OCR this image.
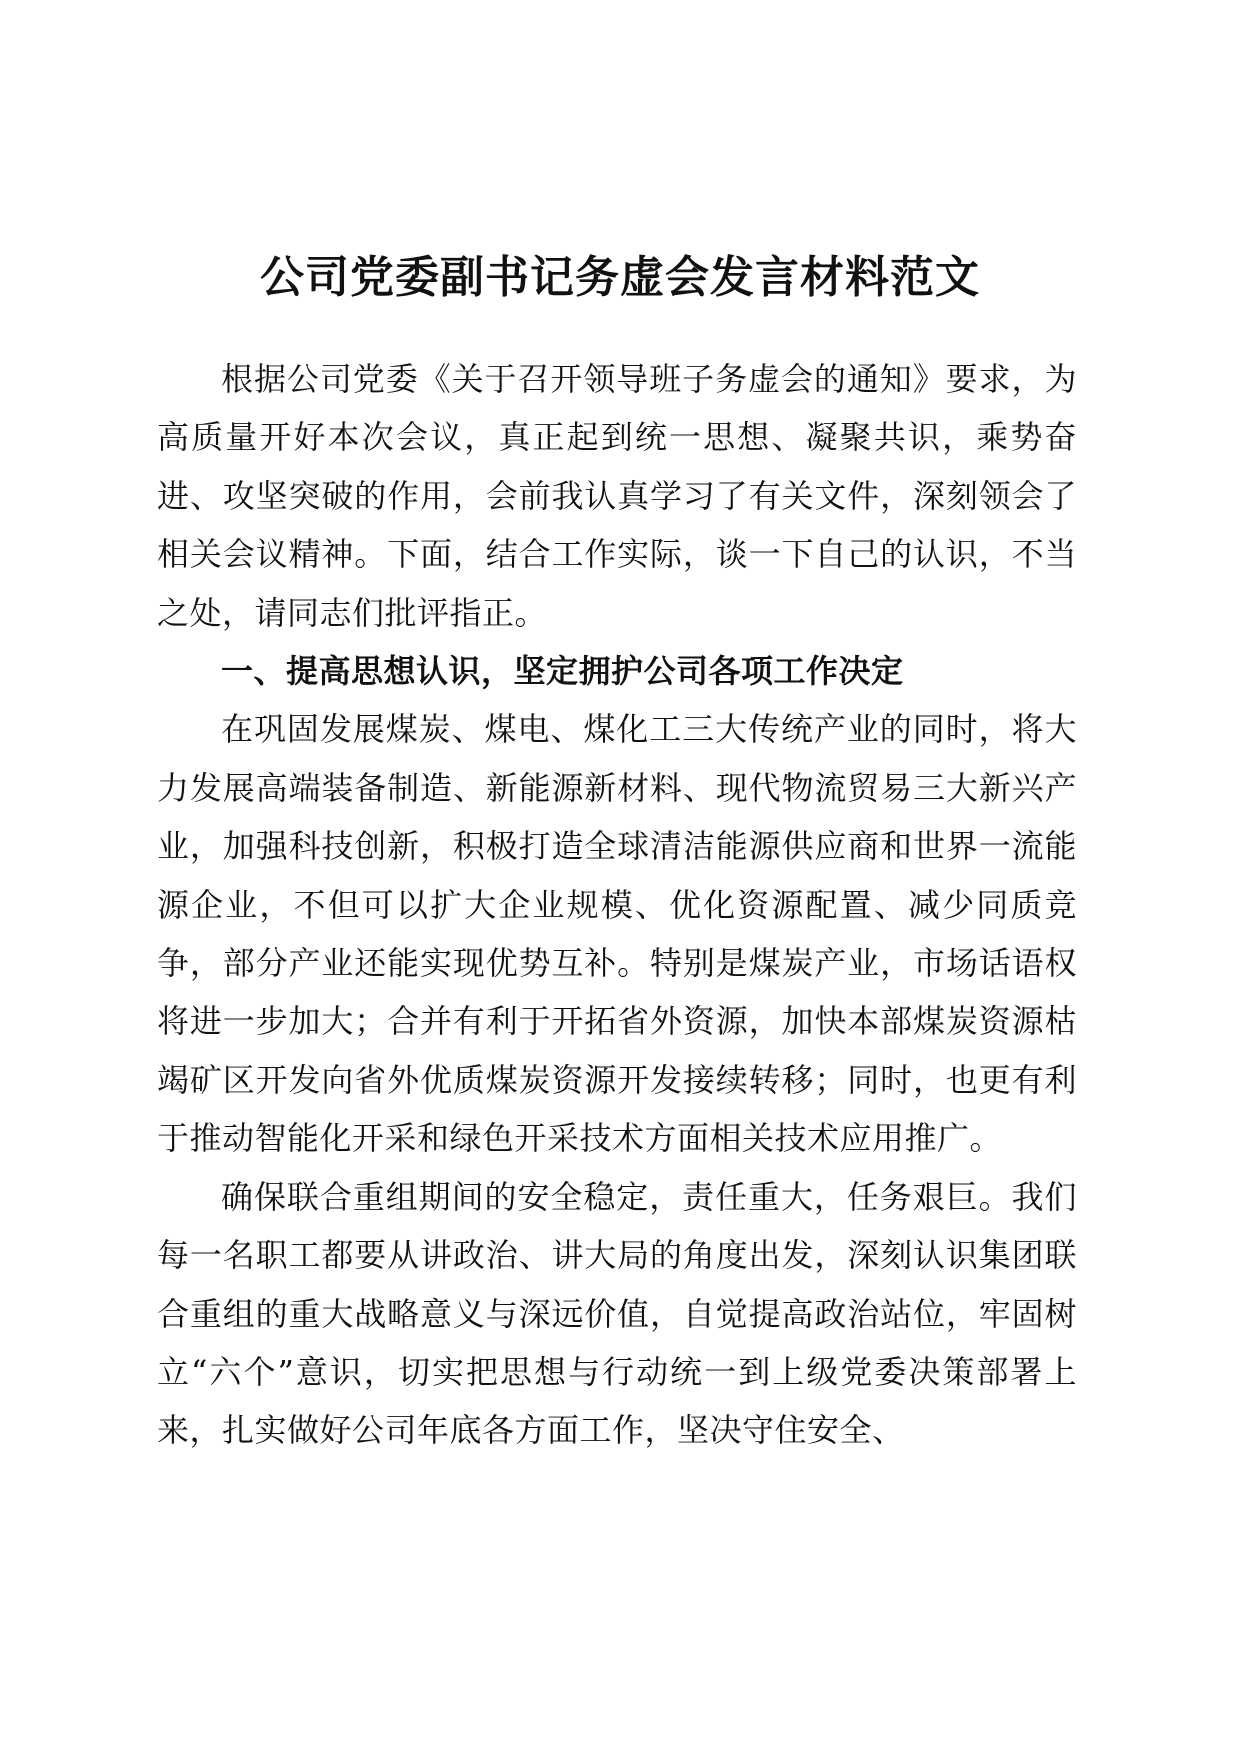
公司党委副书记务虚会发言材料范文

根据公司党委《关于召开领导班子务虚会的通知》要求，为高质量开好本次会议，真正起到统一思想、凝聚共识，乘势奋进、攻坚突破的作用，会前我认真学习了有关文件，深刻领会了相关会议精神。下面，结合工作实际，谈一下自己的认识，不当之处，请同志们批评指正。

一、提高思想认识，坚定拥护公司各项工作决定

在巩固发展煤炭、煤电、煤化工三大传统产业的同时，将大力发展高端装备制造、新能源新材料、现代物流贸易三大新兴产业，加强科技创新，积极打造全球清洁能源供应商和世界一流能源企业，不但可以扩大企业规模、优化资源配置、减少同质竞争，部分产业还能实现优势互补。特别是煤炭产业，市场话语权将进一步加大；合并有利于开拓省外资源，加快本部煤炭资源枯竭矿区开发向省外优质煤炭资源开发接续转移；同时，也更有利于推动智能化开采和绿色开采技术方面相关技术应用推广。

确保联合重组期间的安全稳定，责任重大，任务艰巨。我们每一名职工都要从讲政治、讲大局的角度出发，深刻认识集团联合重组的重大战略意义与深远价值，自觉提高政治站位，牢固树立“六个”意识，切实把思想与行动统一到上级党委决策部署上来，扎实做好公司年底各方面工作，坚决守住安全、
